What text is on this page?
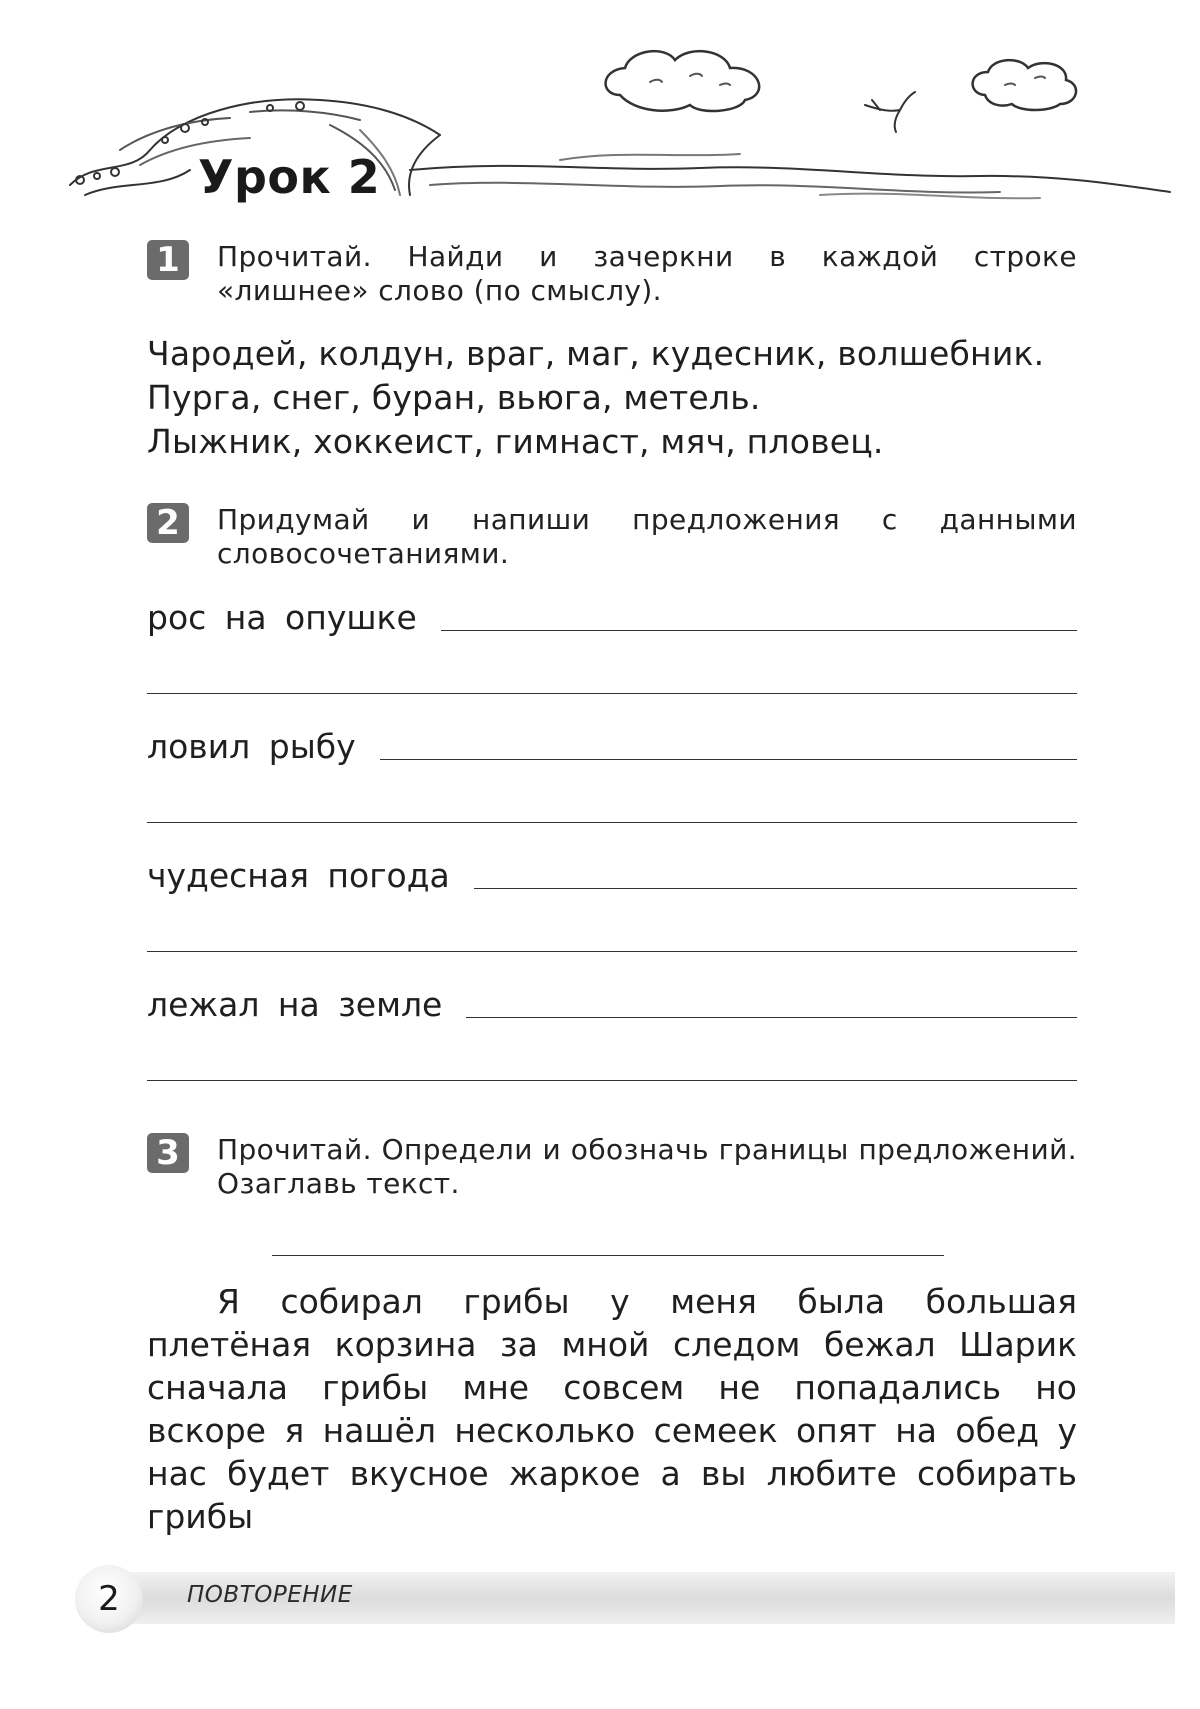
Урок 2
1	Прочитай. Найди и зачеркни в каждой строке «лишнее» слово (по смыслу).

Чародей, колдун, враг, маг, кудесник, волшебник.

Пурга, снег, буран, вьюга, метель.

Лыжник, хоккеист, гимнаст, мяч, пловец.

2	Придумай и напиши предложения с данными словосочетаниями.
рос на опушке
ловил рыбу
чудесная погода
лежал на земле
3	Прочитай. Определи и обозначь границы предложений. Озаглавь текст.

Я собирал грибы у меня была большая плетёная корзина за мной следом бежал Шарик сначала грибы мне совсем не попадались но вскоре я нашёл несколько семеек опят на обед у нас будет вкусное жаркое а вы любите собирать грибы

2	ПОВТОРЕНИЕ
